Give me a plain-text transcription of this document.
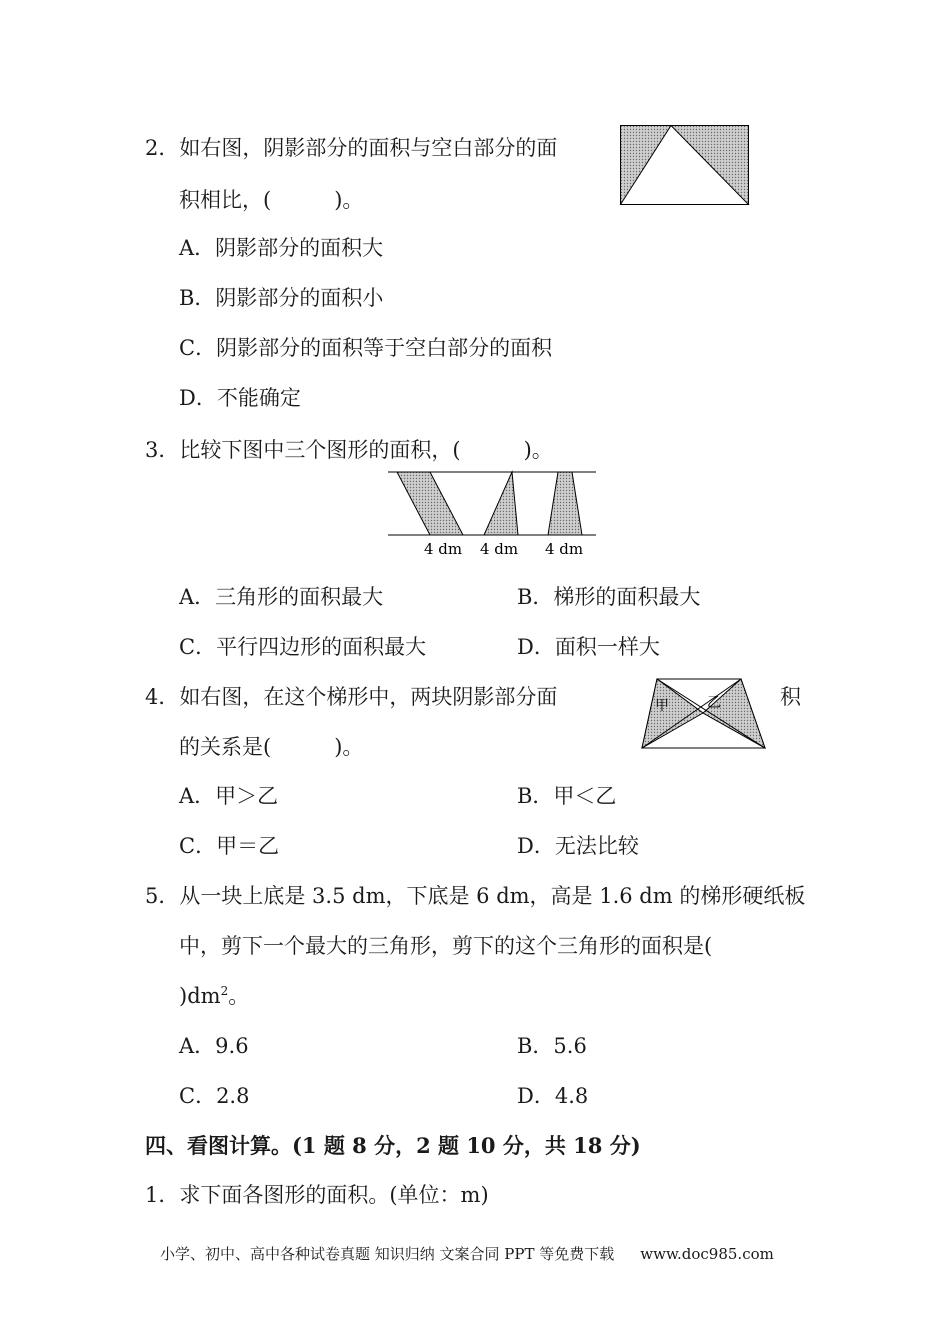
2．如右图，阴影部分的面积与空白部分的面
积相比，(　　　)。
A．阴影部分的面积大
B．阴影部分的面积小
C．阴影部分的面积等于空白部分的面积
D．不能确定
3．比较下图中三个图形的面积，(　　　)。
4 dm 4 dm 4 dm
A．三角形的面积最大	B．梯形的面积最大
C．平行四边形的面积最大	D．面积一样大
4．如右图，在这个梯形中，两块阴影部分面	积
的关系是(　　　)。
甲	乙
A．甲＞乙	B．甲＜乙
C．甲＝乙	D．无法比较
5．从一块上底是 3.5 dm，下底是 6 dm，高是 1.6 dm 的梯形硬纸板
中，剪下一个最大的三角形，剪下的这个三角形的面积是(
)$dm^2$。
A．9.6	B．5.6
C．2.8	D．4.8
四、看图计算。(1 题 8 分，2 题 10 分，共 18 分)
1．求下面各图形的面积。(单位：m)
小学、初中、高中各种试卷真题 知识归纳 文案合同 PPT 等免费下载 www.doc985.com
